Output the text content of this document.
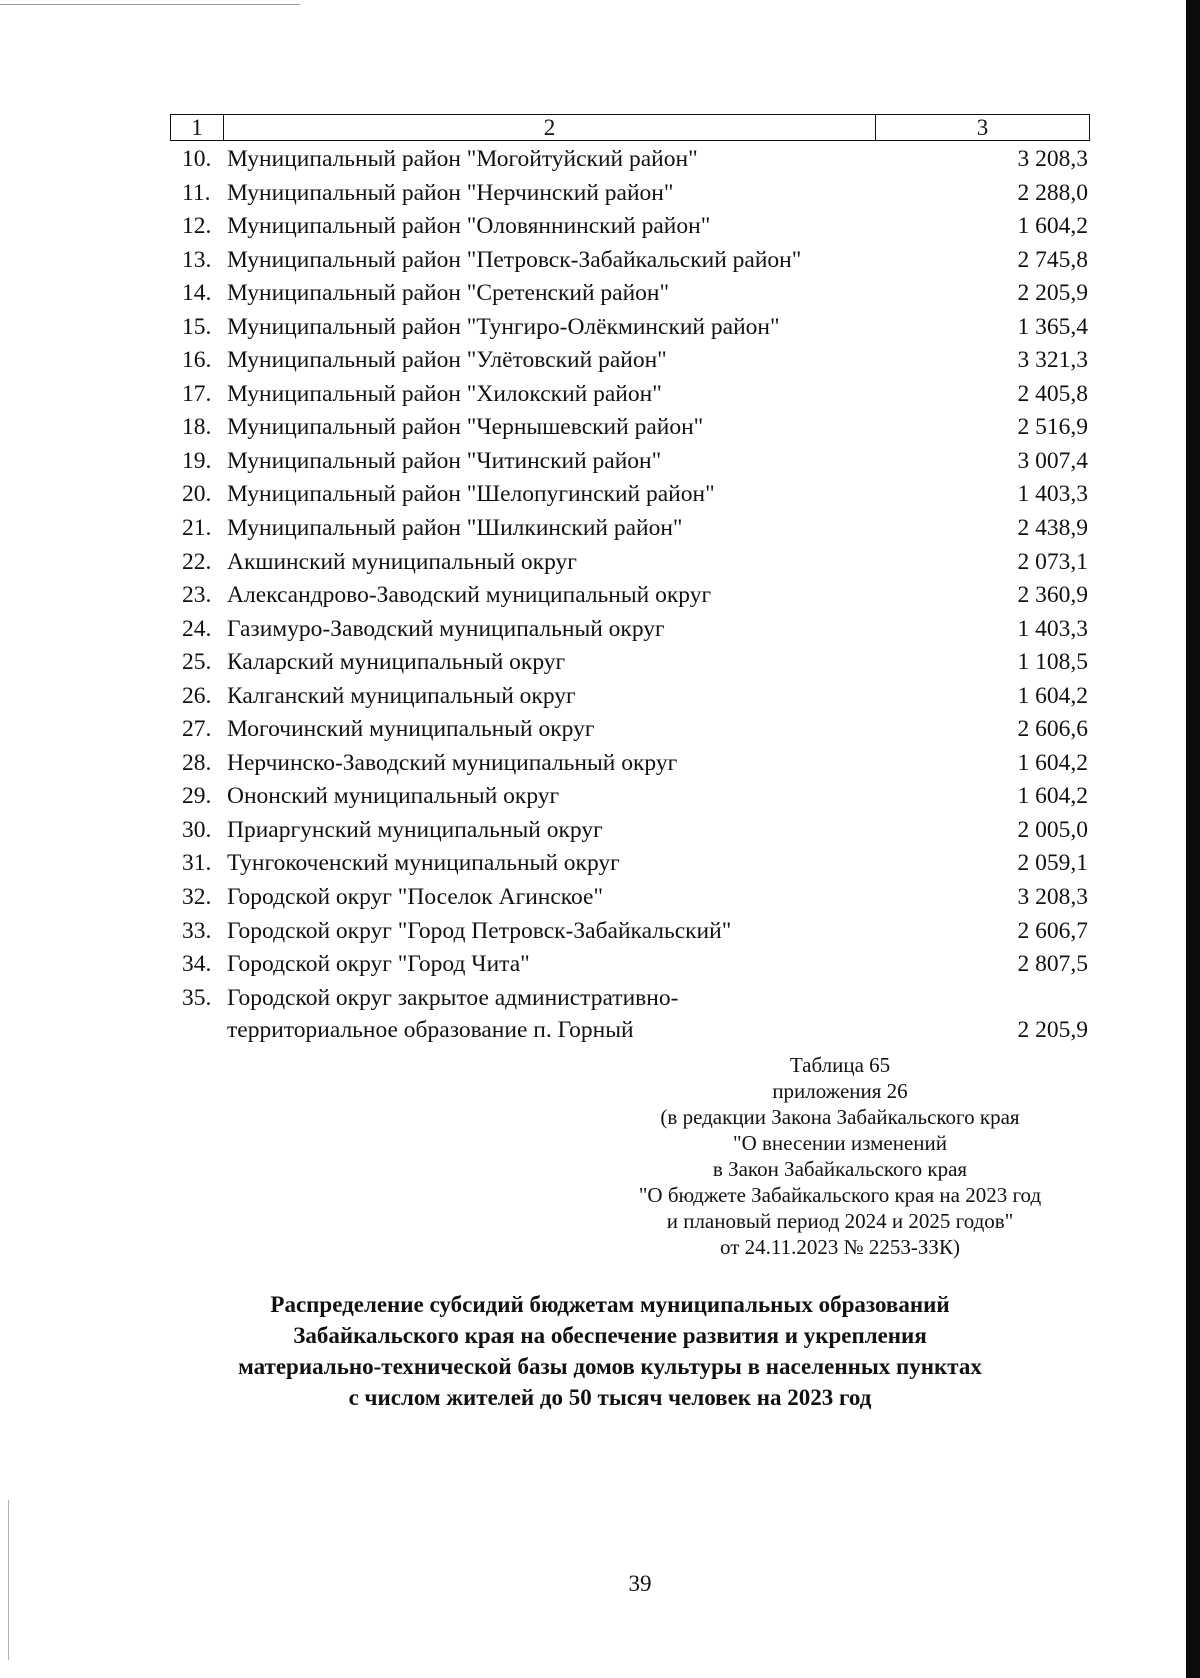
1	2	3
10. Муниципальный район "Могойтуйский район"	3 208,3
11. Муниципальный район "Нерчинский район"	2 288,0
12. Муниципальный район "Оловяннинский район"	1 604,2
13. Муниципальный район "Петровск-Забайкальский район"	2 745,8
14. Муниципальный район "Сретенский район"	2 205,9
15. Муниципальный район "Тунгиро-Олёкминский район"	1 365,4
16. Муниципальный район "Улётовский район"	3 321,3
17. Муниципальный район "Хилокский район"	2 405,8
18. Муниципальный район "Чернышевский район"	2 516,9
19. Муниципальный район "Читинский район"	3 007,4
20. Муниципальный район "Шелопугинский район"	1 403,3
21. Муниципальный район "Шилкинский район"	2 438,9
22. Акшинский муниципальный округ	2 073,1
23. Александрово-Заводский муниципальный округ	2 360,9
24. Газимуро-Заводский муниципальный округ	1 403,3
25. Каларский муниципальный округ	1 108,5
26. Калганский муниципальный округ	1 604,2
27. Могочинский муниципальный округ	2 606,6
28. Нерчинско-Заводский муниципальный округ	1 604,2
29. Ононский муниципальный округ	1 604,2
30. Приаргунский муниципальный округ	2 005,0
31. Тунгокоченский муниципальный округ	2 059,1
32. Городской округ "Поселок Агинское"	3 208,3
33. Городской округ "Город Петровск-Забайкальский"	2 606,7
34. Городской округ "Город Чита"	2 807,5
35. Городской округ закрытое административно-
территориальное образование п. Горный	2 205,9
Таблица 65
приложения 26
(в редакции Закона Забайкальского края
"О внесении изменений
в Закон Забайкальского края
"О бюджете Забайкальского края на 2023 год
и плановый период 2024 и 2025 годов"
от 24.11.2023 № 2253-ЗЗК)
Распределение субсидий бюджетам муниципальных образований
Забайкальского края на обеспечение развития и укрепления
материально-технической базы домов культуры в населенных пунктах
с числом жителей до 50 тысяч человек на 2023 год
39
